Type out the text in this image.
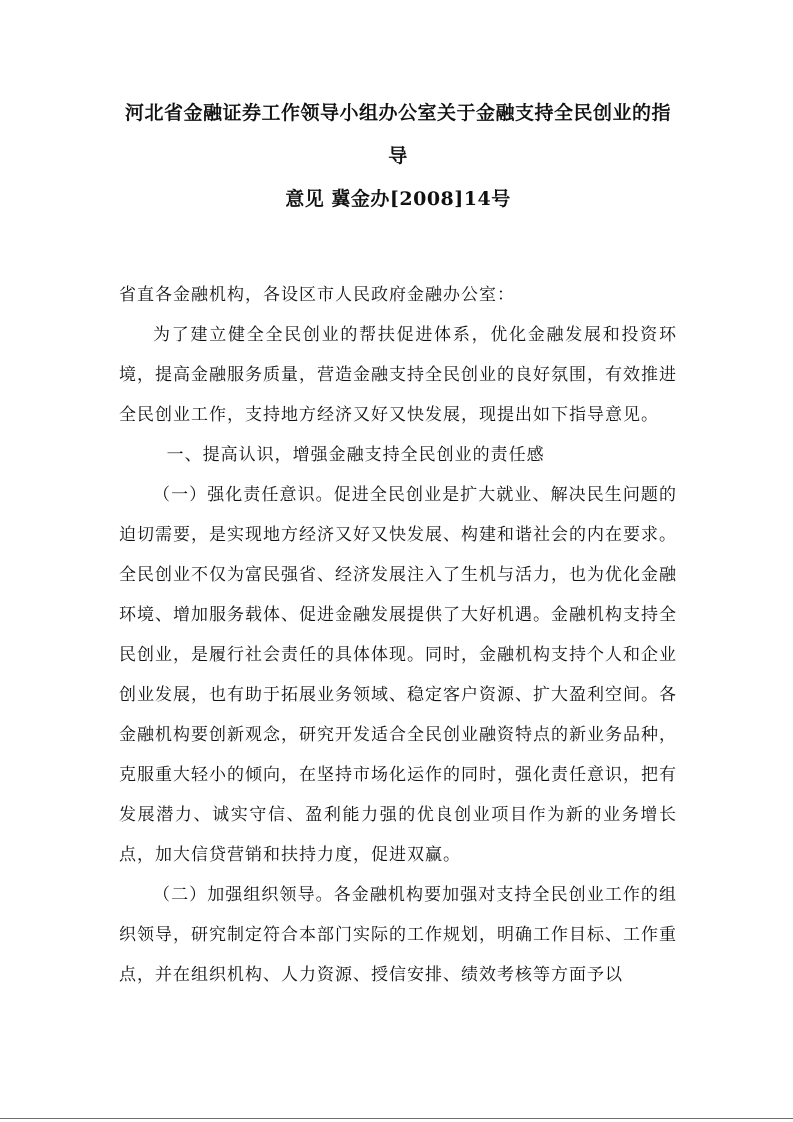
河北省金融证券工作领导小组办公室关于金融支持全民创业的指导
意见 冀金办[2008]14号

省直各金融机构，各设区市人民政府金融办公室：

为了建立健全全民创业的帮扶促进体系，优化金融发展和投资环境，提高金融服务质量，营造金融支持全民创业的良好氛围，有效推进全民创业工作，支持地方经济又好又快发展，现提出如下指导意见。

一、提高认识，增强金融支持全民创业的责任感

（一）强化责任意识。促进全民创业是扩大就业、解决民生问题的迫切需要，是实现地方经济又好又快发展、构建和谐社会的内在要求。全民创业不仅为富民强省、经济发展注入了生机与活力，也为优化金融环境、增加服务载体、促进金融发展提供了大好机遇。金融机构支持全民创业，是履行社会责任的具体体现。同时，金融机构支持个人和企业创业发展，也有助于拓展业务领域、稳定客户资源、扩大盈利空间。各金融机构要创新观念，研究开发适合全民创业融资特点的新业务品种，克服重大轻小的倾向，在坚持市场化运作的同时，强化责任意识，把有发展潜力、诚实守信、盈利能力强的优良创业项目作为新的业务增长点，加大信贷营销和扶持力度，促进双赢。

（二）加强组织领导。各金融机构要加强对支持全民创业工作的组织领导，研究制定符合本部门实际的工作规划，明确工作目标、工作重点，并在组织机构、人力资源、授信安排、绩效考核等方面予以
